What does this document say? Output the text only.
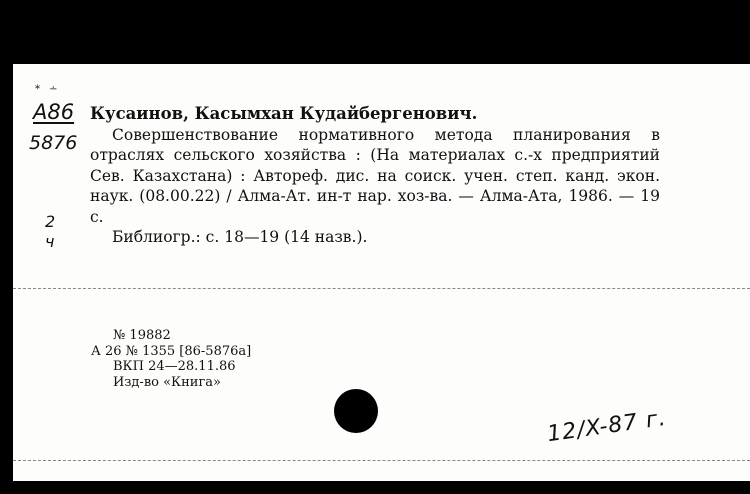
* ∸
А86
5876
2 ч
Кусаинов, Касымхан Кудайбергенович.
Совершенствование нормативного метода планирования в отраслях сельского хозяйства : (На материалах с.-х предприятий Сев. Казахстана) : Автореф. дис. на соиск. учен. степ. канд. экон. наук. (08.00.22) / Алма-Ат. ин-т нар. хоз-ва. — Алма-Ата, 1986. — 19 с.
Библиогр.: с. 18—19 (14 назв.).
№ 19882
А 26 № 1355 [86-5876а]
ВКП 24—28.11.86
Изд-во «Книга»
12/X-87 г.
